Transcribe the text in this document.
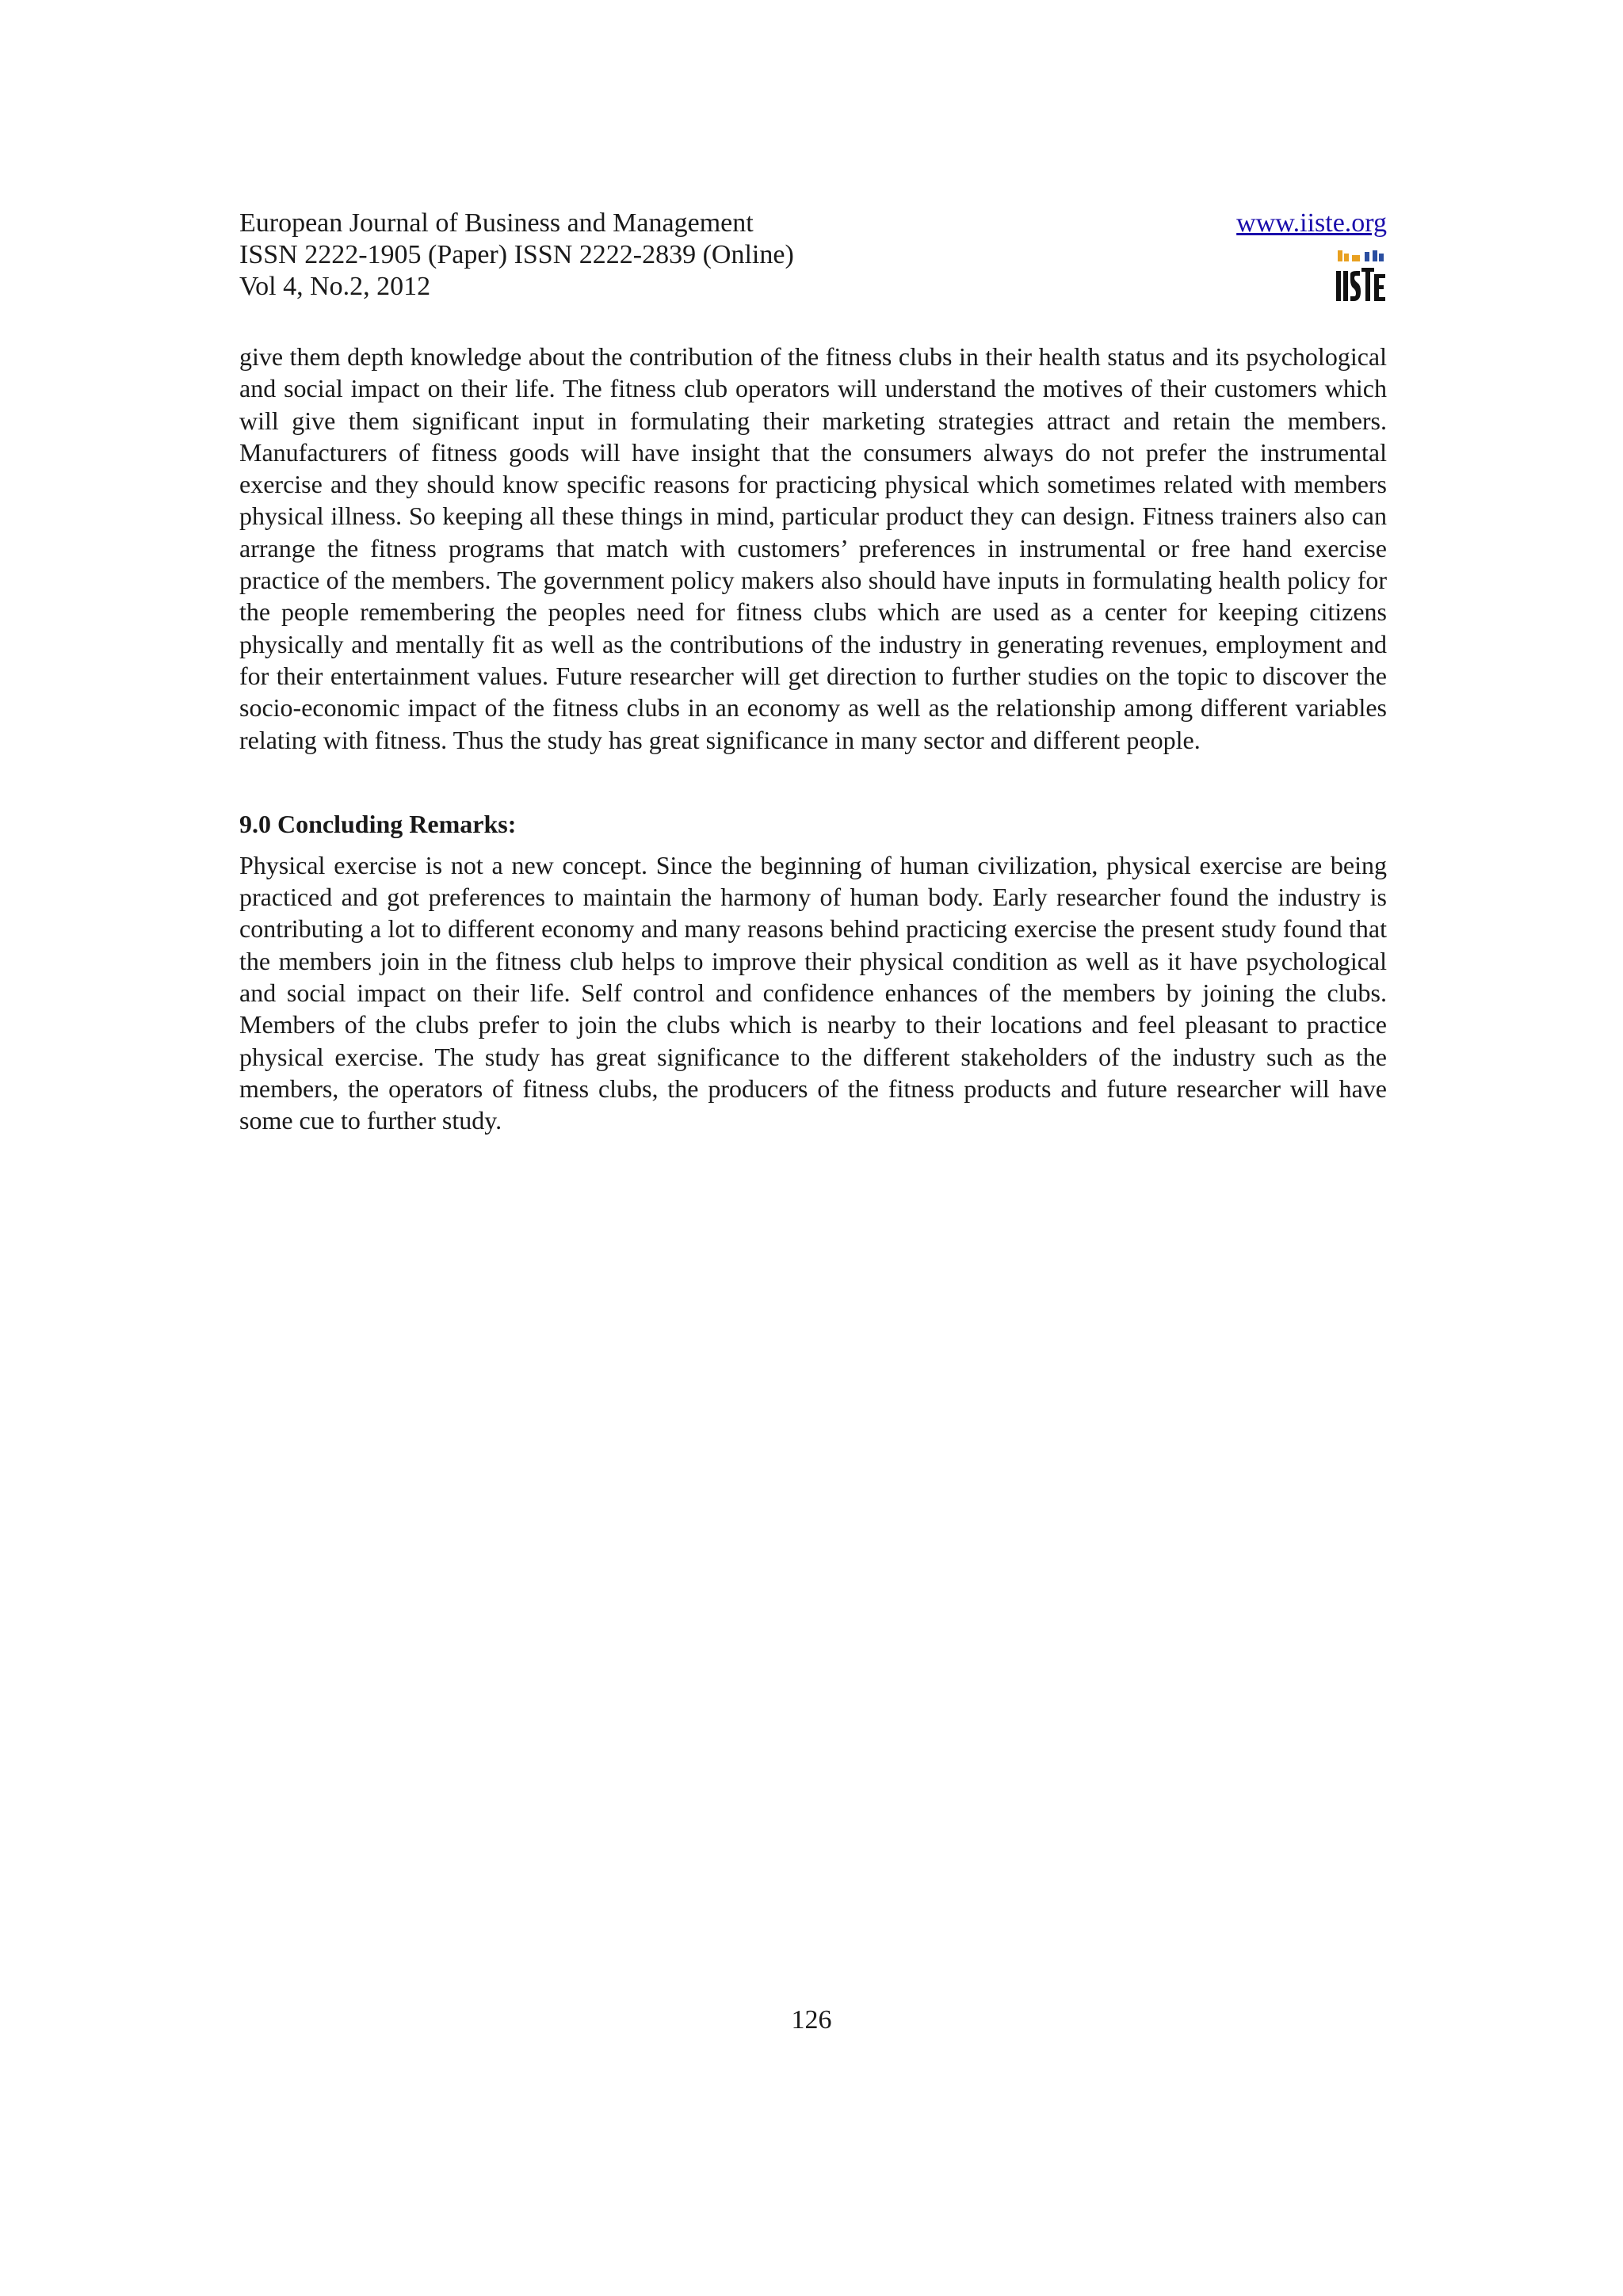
European Journal of Business and Management
ISSN 2222-1905 (Paper) ISSN 2222-2839 (Online)
Vol 4, No.2, 2012
www.iiste.org

give them depth knowledge about the contribution of the fitness clubs in their health status and its psychological and social impact on their life. The fitness club operators will understand the motives of their customers which will give them significant input in formulating their marketing strategies attract and retain the members. Manufacturers of fitness goods will have insight that the consumers always do not prefer the instrumental exercise and they should know specific reasons for practicing physical which sometimes related with members physical illness. So keeping all these things in mind, particular product they can design. Fitness trainers also can arrange the fitness programs that match with customers’ preferences in instrumental or free hand exercise practice of the members. The government policy makers also should have inputs in formulating health policy for the people remembering the peoples need for fitness clubs which are used as a center for keeping citizens physically and mentally fit as well as the contributions of the industry in generating revenues, employment and for their entertainment values. Future researcher will get direction to further studies on the topic to discover the socio-economic impact of the fitness clubs in an economy as well as the relationship among different variables relating with fitness. Thus the study has great significance in many sector and different people.

9.0 Concluding Remarks:

Physical exercise is not a new concept. Since the beginning of human civilization, physical exercise are being practiced and got preferences to maintain the harmony of human body. Early researcher found the industry is contributing a lot to different economy and many reasons behind practicing exercise the present study found that the members join in the fitness club helps to improve their physical condition as well as it have psychological and social impact on their life. Self control and confidence enhances of the members by joining the clubs. Members of the clubs prefer to join the clubs which is nearby to their locations and feel pleasant to practice physical exercise. The study has great significance to the different stakeholders of the industry such as the members, the operators of fitness clubs, the producers of the fitness products and future researcher will have some cue to further study.

126
